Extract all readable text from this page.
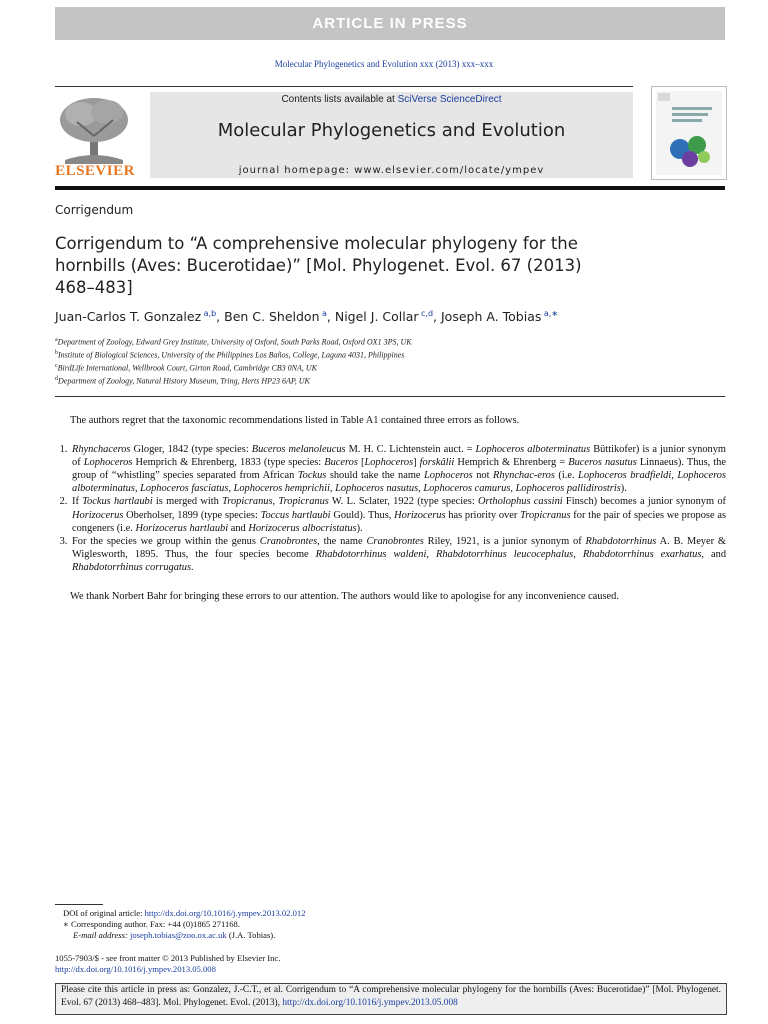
ARTICLE IN PRESS
Molecular Phylogenetics and Evolution xxx (2013) xxx–xxx
ELSEVIER
Contents lists available at SciVerse ScienceDirect
Molecular Phylogenetics and Evolution
journal homepage: www.elsevier.com/locate/ympev
Corrigendum
Corrigendum to “A comprehensive molecular phylogeny for the hornbills (Aves: Bucerotidae)” [Mol. Phylogenet. Evol. 67 (2013) 468–483]
Juan-Carlos T. Gonzalez  $^{a,b}$, Ben C. Sheldon  $^a$, Nigel J. Collar  $^{c,d}$, Joseph A. Tobias  $^{a,∗}$
$^a$Department of Zoology, Edward Grey Institute, University of Oxford, South Parks Road, Oxford OX1 3PS, UK
$^b$Institute of Biological Sciences, University of the Philippines Los Baños, College, Laguna 4031, Philippines
$^c$BirdLife International, Wellbrook Court, Girton Road, Cambridge CB3 0NA, UK
$^d$Department of Zoology, Natural History Museum, Tring, Herts HP23 6AP, UK

The authors regret that the taxonomic recommendations listed in Table A1 contained three errors as follows.

1. Rhynchaceros Gloger, 1842 (type species: Buceros melanoleucus M. H. C. Lichtenstein auct. = Lophoceros alboterminatus Büttikofer) is a junior synonym of Lophoceros Hemprich & Ehrenberg, 1833 (type species: Buceros [Lophoceros] forskâlii Hemprich & Ehrenberg = Buceros nasutus Linnaeus). Thus, the group of “whistling” species separated from African Tockus should take the name Lophoceros not Rhynchac-eros (i.e. Lophoceros bradfieldi, Lophoceros alboterminatus, Lophoceros fasciatus, Lophoceros hemprichii, Lophoceros nasutus, Lophoceros camurus, Lophoceros pallidirostris).
2. If Tockus hartlaubi is merged with Tropicranus, Tropicranus W. L. Sclater, 1922 (type species: Ortholophus cassini Finsch) becomes a junior synonym of Horizocerus Oberholser, 1899 (type species: Toccus hartlaubi Gould). Thus, Horizocerus has priority over Tropicranus for the pair of species we propose as congeners (i.e. Horizocerus hartlaubi and Horizocerus albocristatus).
3. For the species we group within the genus Cranobrontes, the name Cranobrontes Riley, 1921, is a junior synonym of Rhabdotorrhinus A. B. Meyer & Wiglesworth, 1895. Thus, the four species become Rhabdotorrhinus waldeni, Rhabdotorrhinus leucocephalus, Rhabdotorrhinus exarhatus, and Rhabdotorrhinus corrugatus.

We thank Norbert Bahr for bringing these errors to our attention. The authors would like to apologise for any inconvenience caused.

DOI of original article: http://dx.doi.org/10.1016/j.ympev.2013.02.012
∗ Corresponding author. Fax: +44 (0)1865 271168.
E-mail address: joseph.tobias@zoo.ox.ac.uk (J.A. Tobias).
1055-7903/$ - see front matter © 2013 Published by Elsevier Inc.
http://dx.doi.org/10.1016/j.ympev.2013.05.008
Please cite this article in press as: Gonzalez, J.-C.T., et al. Corrigendum to “A comprehensive molecular phylogeny for the hornbills (Aves: Bucerotidae)” [Mol. Phylogenet. Evol. 67 (2013) 468–483]. Mol. Phylogenet. Evol. (2013), http://dx.doi.org/10.1016/j.ympev.2013.05.008
